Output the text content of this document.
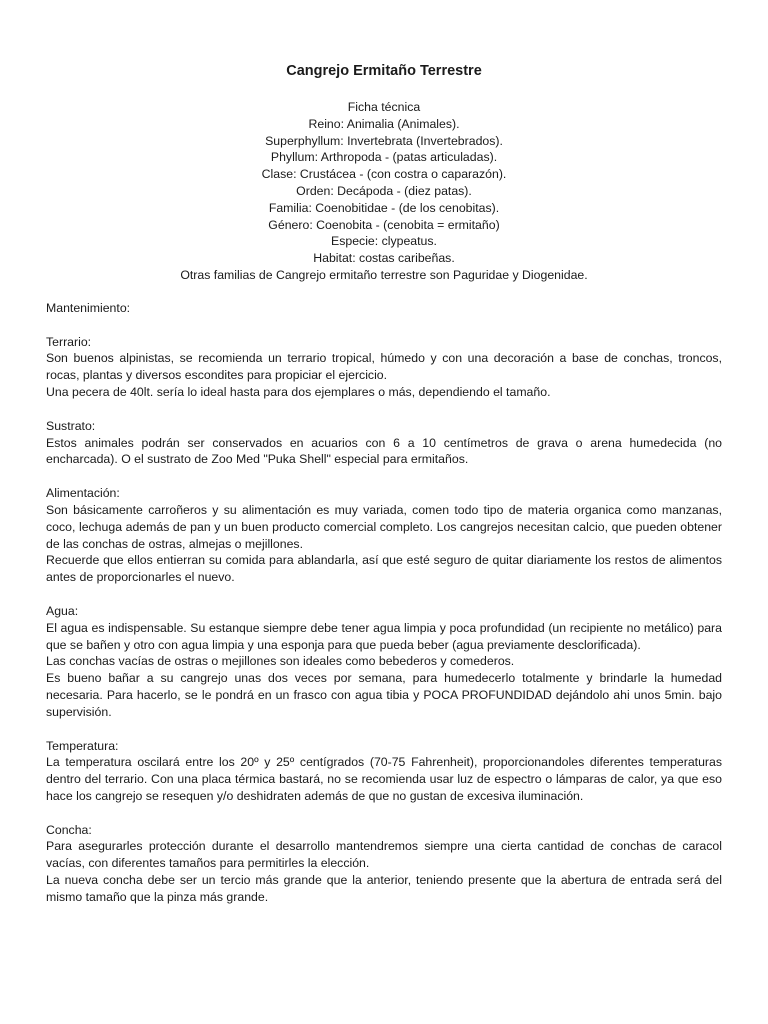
Cangrejo Ermitaño Terrestre
Ficha técnica
Reino: Animalia (Animales).
Superphyllum: Invertebrata (Invertebrados).
Phyllum: Arthropoda - (patas articuladas).
Clase: Crustácea - (con costra o caparazón).
Orden: Decápoda - (diez patas).
Familia: Coenobitidae - (de los cenobitas).
Género: Coenobita - (cenobita = ermitaño)
Especie: clypeatus.
Habitat: costas caribeñas.
Otras familias de Cangrejo ermitaño terrestre son Paguridae y Diogenidae.
Mantenimiento:
Terrario:

Son buenos alpinistas, se recomienda un terrario tropical, húmedo y con una decoración a base de conchas, troncos, rocas, plantas y diversos escondites para propiciar el ejercicio.

Una pecera de 40lt. sería lo ideal hasta para dos ejemplares o más, dependiendo el tamaño.

Sustrato:

Estos animales podrán ser conservados en acuarios con 6 a 10 centímetros de grava o arena humedecida (no encharcada). O el sustrato de Zoo Med "Puka Shell" especial para ermitaños.

Alimentación:

Son básicamente carroñeros y su alimentación es muy variada, comen todo tipo de materia organica como manzanas, coco, lechuga además de pan y un buen producto comercial completo. Los cangrejos necesitan calcio, que pueden obtener de las conchas de ostras, almejas o mejillones.

Recuerde que ellos entierran su comida para ablandarla, así que esté seguro de quitar diariamente los restos de alimentos antes de proporcionarles el nuevo.

Agua:

El agua es indispensable. Su estanque siempre debe tener agua limpia y poca profundidad (un recipiente no metálico) para que se bañen y otro con agua limpia y una esponja para que pueda beber (agua previamente desclorificada).

Las conchas vacías de ostras o mejillones son ideales como bebederos y comederos.

Es bueno bañar a su cangrejo unas dos veces por semana, para humedecerlo totalmente y brindarle la humedad necesaria. Para hacerlo, se le pondrá en un frasco con agua tibia y POCA PROFUNDIDAD dejándolo ahi unos 5min. bajo supervisión.

Temperatura:

La temperatura oscilará entre los 20º y 25º centígrados (70-75 Fahrenheit), proporcionandoles diferentes temperaturas dentro del terrario. Con una placa térmica bastará, no se recomienda usar luz de espectro o lámparas de calor, ya que eso hace los cangrejo se resequen y/o deshidraten además de que no gustan de excesiva iluminación.

Concha:

Para asegurarles protección durante el desarrollo mantendremos siempre una cierta cantidad de conchas de caracol vacías, con diferentes tamaños para permitirles la elección.

La nueva concha debe ser un tercio más grande que la anterior, teniendo presente que la abertura de entrada será del mismo tamaño que la pinza más grande.
